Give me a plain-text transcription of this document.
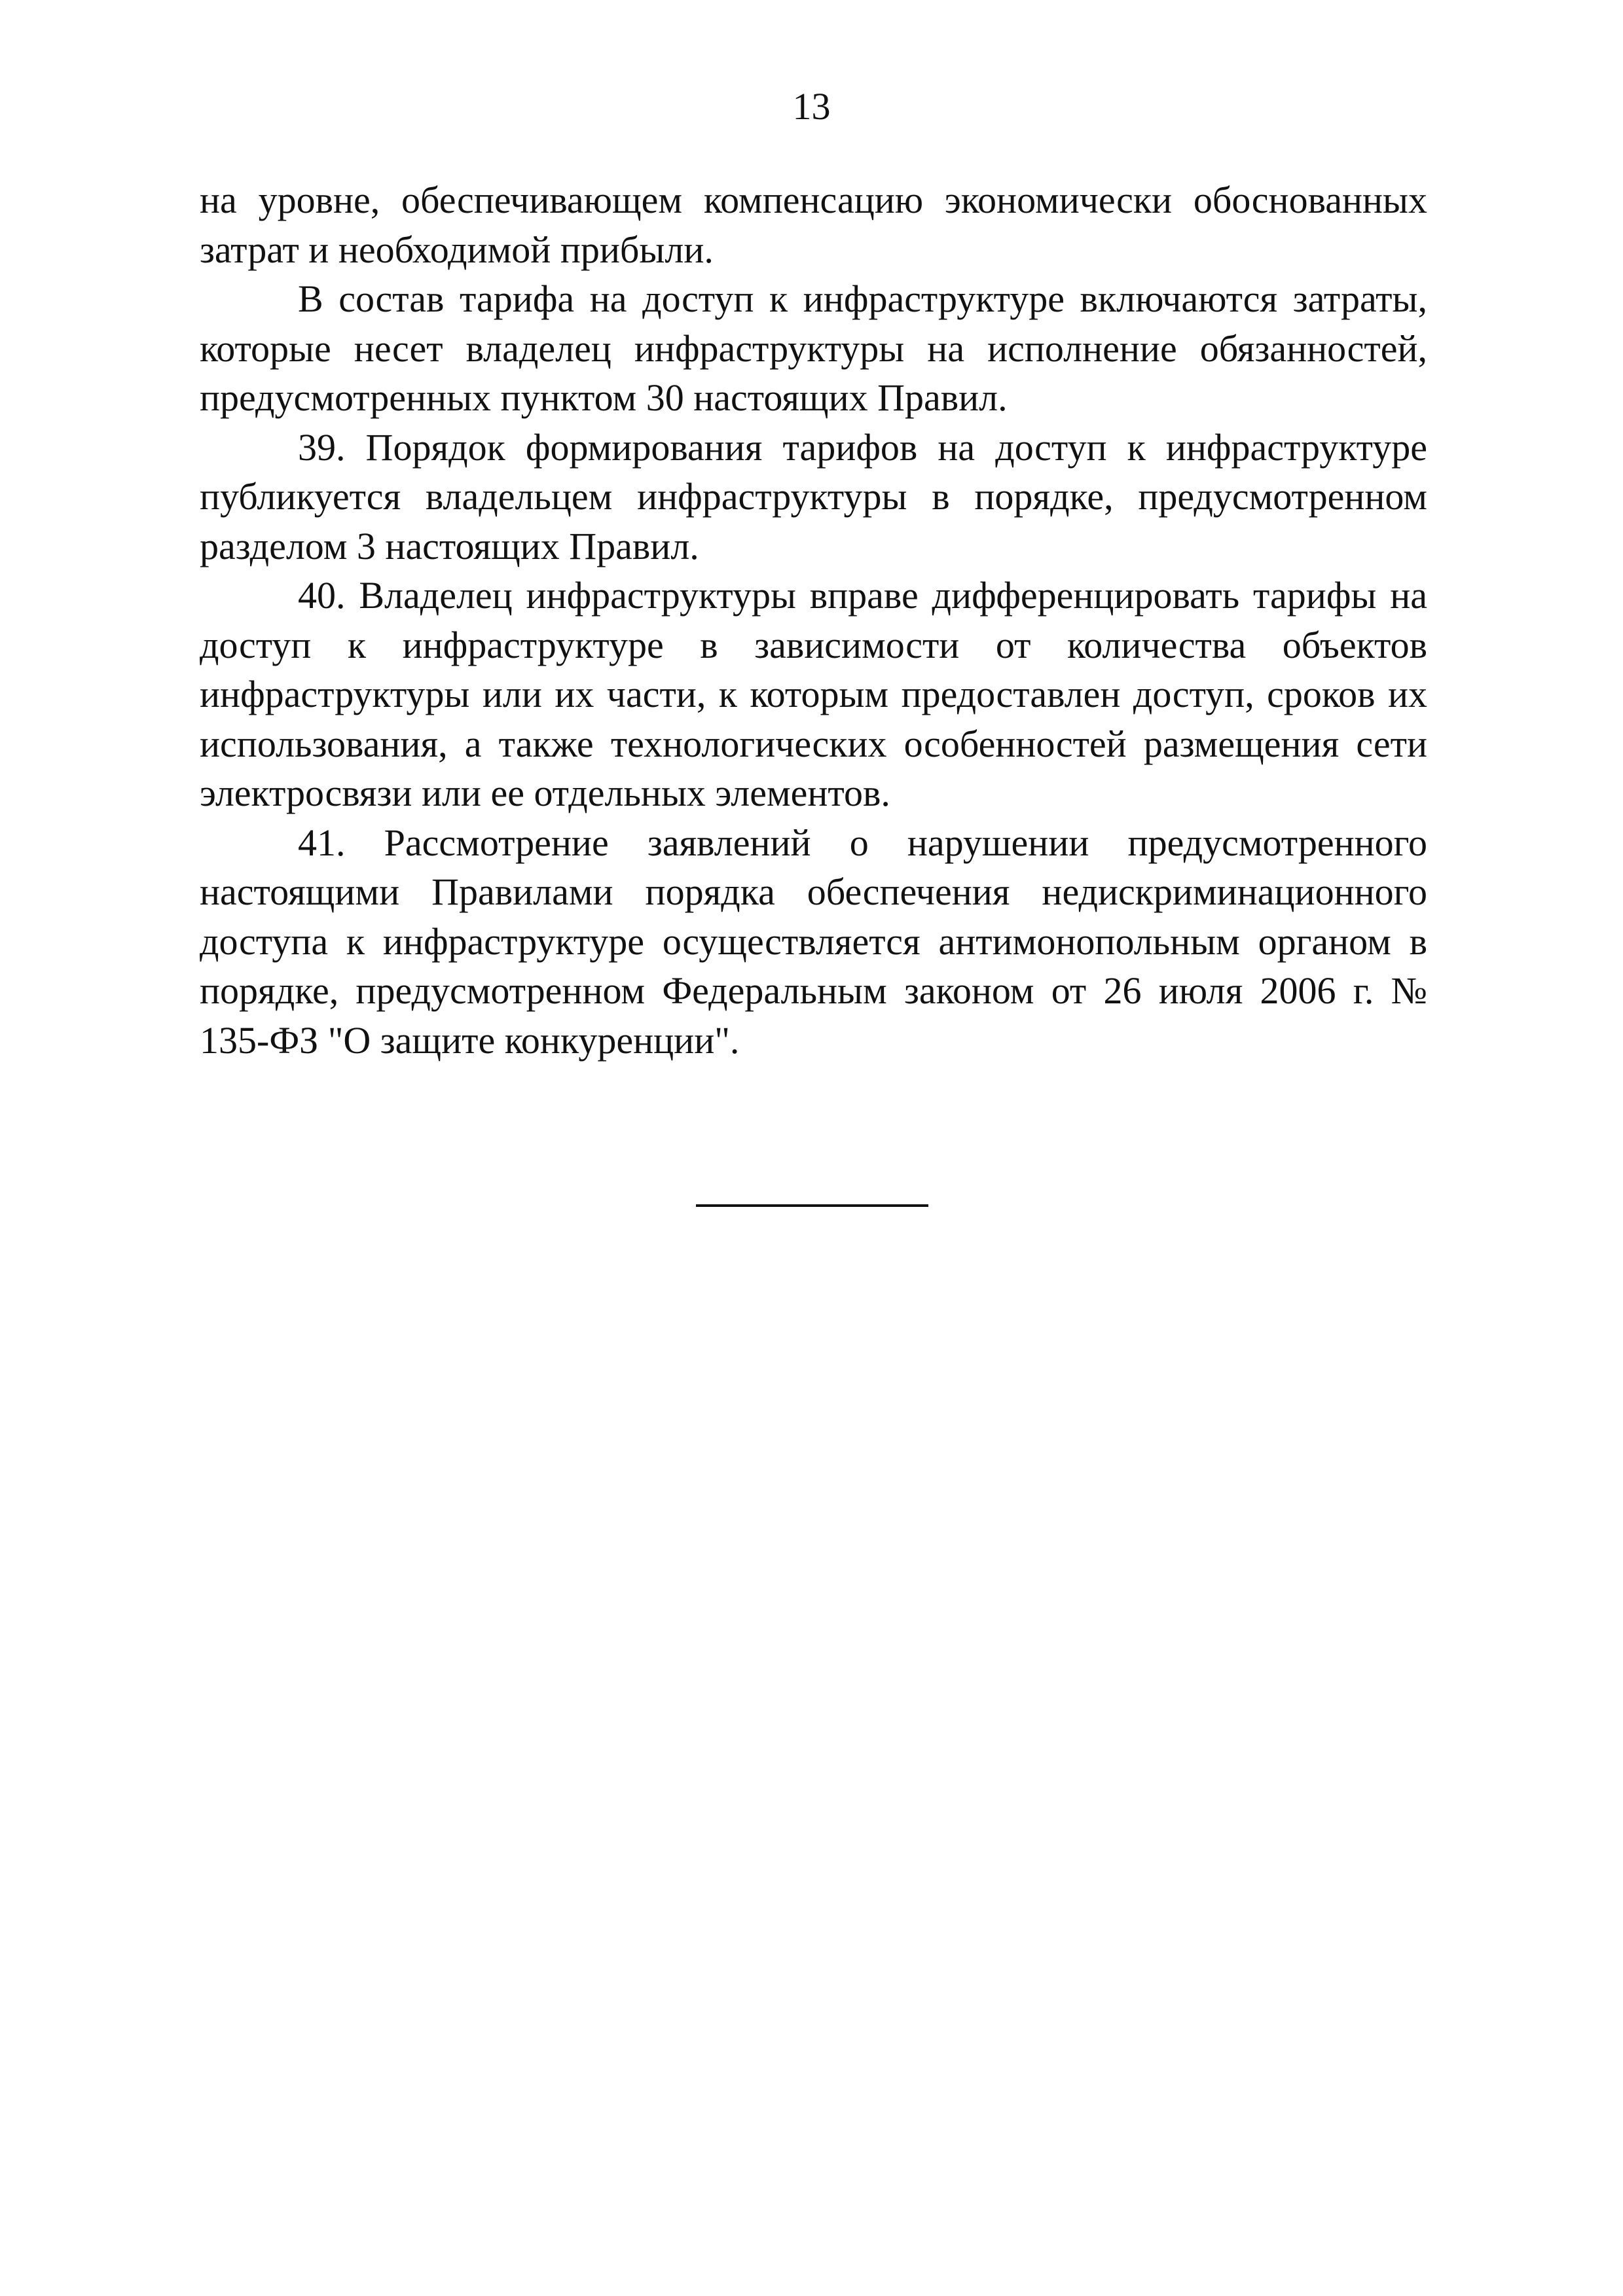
13

на уровне, обеспечивающем компенсацию экономически обоснованных затрат и необходимой прибыли.

В состав тарифа на доступ к инфраструктуре включаются затраты, которые несет владелец инфраструктуры на исполнение обязанностей, предусмотренных пунктом 30 настоящих Правил.

39. Порядок формирования тарифов на доступ к инфраструктуре публикуется владельцем инфраструктуры в порядке, предусмотренном разделом 3 настоящих Правил.

40. Владелец инфраструктуры вправе дифференцировать тарифы на доступ к инфраструктуре в зависимости от количества объектов инфраструктуры или их части, к которым предоставлен доступ, сроков их использования, а также технологических особенностей размещения сети электросвязи или ее отдельных элементов.

41. Рассмотрение заявлений о нарушении предусмотренного настоящими Правилами порядка обеспечения недискриминационного доступа к инфраструктуре осуществляется антимонопольным органом в порядке, предусмотренном Федеральным законом от 26 июля 2006 г. № 135-ФЗ "О защите конкуренции".
